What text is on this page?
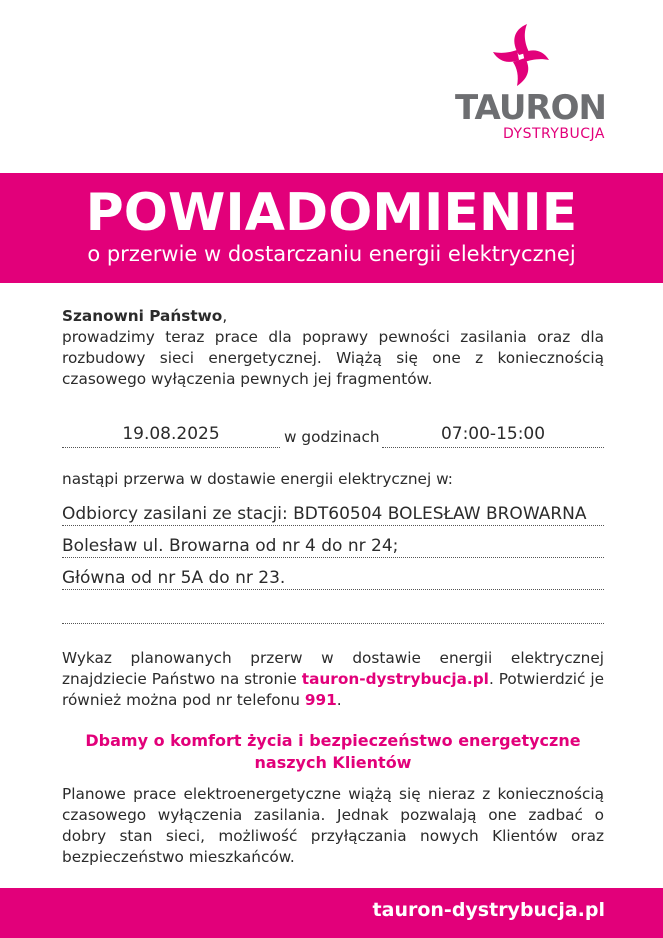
TAURON
DYSTRYBUCJA
POWIADOMIENIE
o przerwie w dostarczaniu energii elektrycznej
Szanowni Państwo,
prowadzimy teraz prace dla poprawy pewności zasilania oraz dla rozbudowy sieci energetycznej. Wiążą się one z koniecznością czasowego wyłączenia pewnych jej fragmentów.
19.08.2025	w godzinach	07:00-15:00
nastąpi przerwa w dostawie energii elektrycznej w:
Odbiorcy zasilani ze stacji: BDT60504 BOLESŁAW BROWARNA
Bolesław ul. Browarna od nr 4 do nr 24;
Główna od nr 5A do nr 23.
Wykaz planowanych przerw w dostawie energii elektrycznej znajdziecie Państwo na stronie tauron-dystrybucja.pl. Potwierdzić je również można pod nr telefonu 991.
Dbamy o komfort życia i bezpieczeństwo energetyczne
naszych Klientów
Planowe prace elektroenergetyczne wiążą się nieraz z koniecznością czasowego wyłączenia zasilania. Jednak pozwalają one zadbać o dobry stan sieci, możliwość przyłączania nowych Klientów oraz bezpieczeństwo mieszkańców.
tauron-dystrybucja.pl
